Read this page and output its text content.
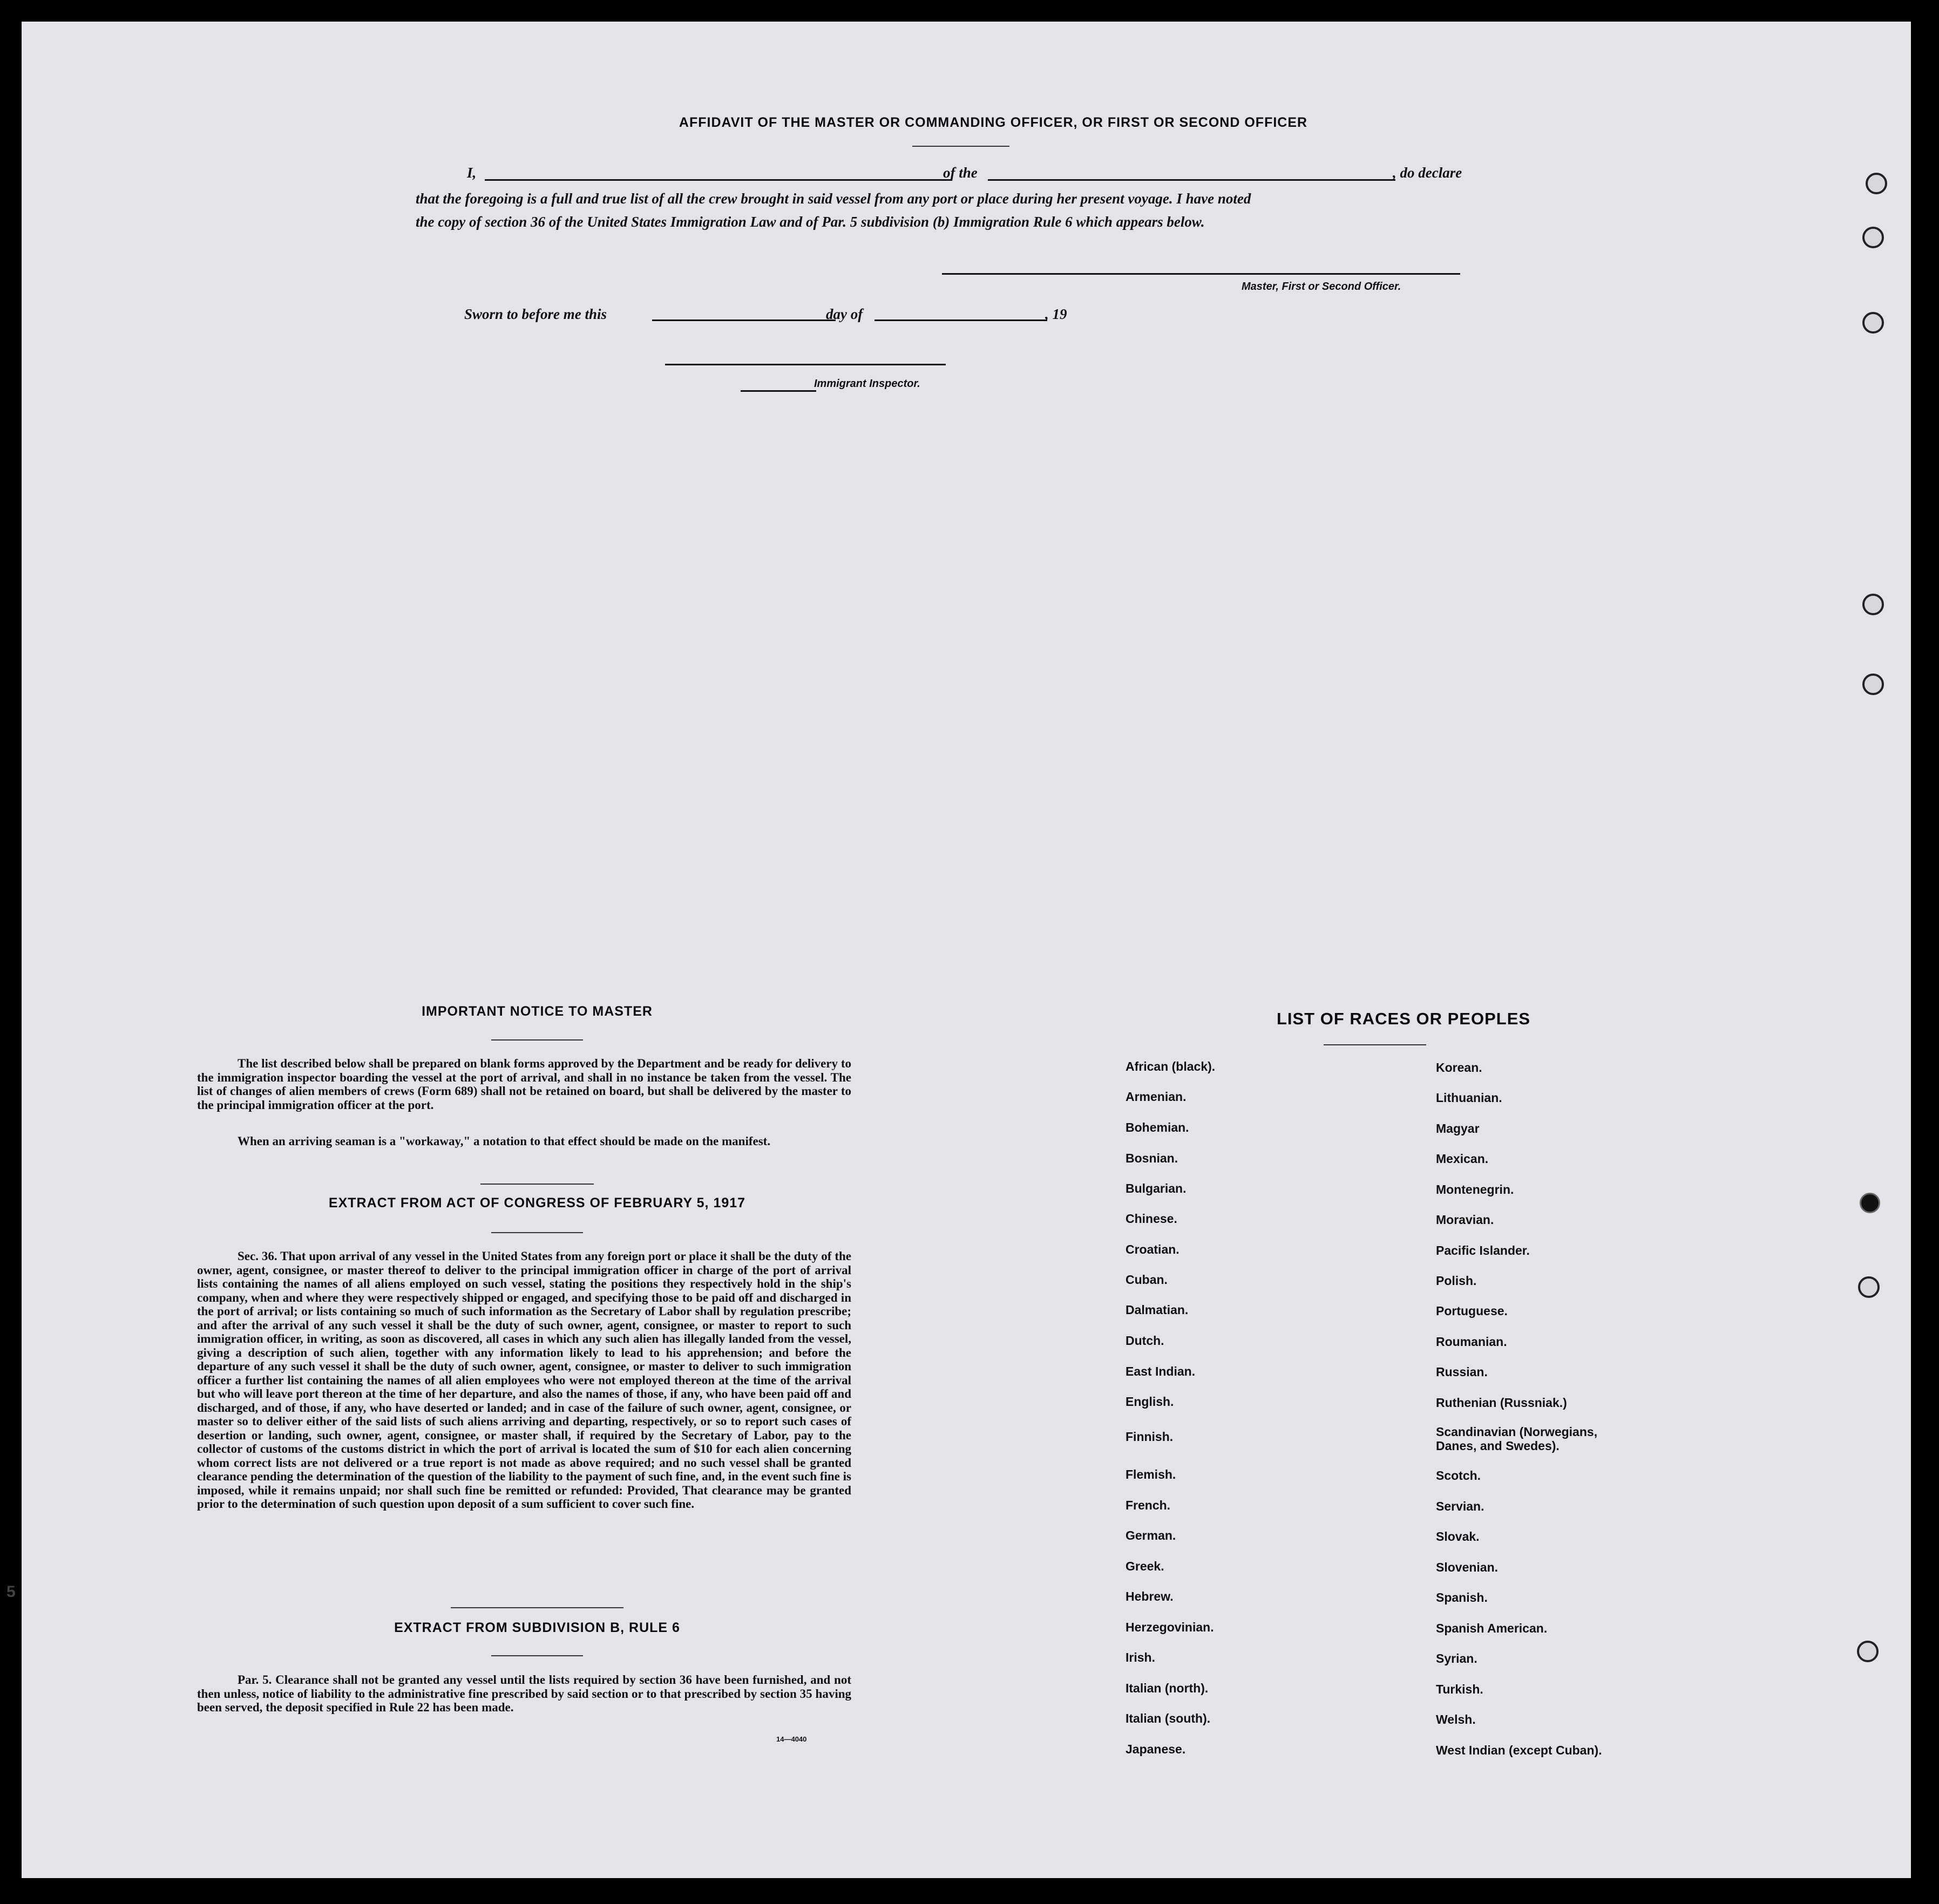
AFFIDAVIT OF THE MASTER OR COMMANDING OFFICER, OR FIRST OR SECOND OFFICER
I,	of the	, do declare
that the foregoing is a full and true list of all the crew brought in said vessel from any port or place during her present voyage. I have noted
the copy of section 36 of the United States Immigration Law and of Par. 5 subdivision (b) Immigration Rule 6 which appears below.
Master, First or Second Officer.
Sworn to before me this	day of	, 19
Immigrant Inspector.
IMPORTANT NOTICE TO MASTER
The list described below shall be prepared on blank forms approved by the Department and be ready for delivery to the immigration inspector boarding the vessel at the port of arrival, and shall in no instance be taken from the vessel. The list of changes of alien members of crews (Form 689) shall not be retained on board, but shall be delivered by the master to the principal immigration officer at the port.
When an arriving seaman is a "workaway," a notation to that effect should be made on the manifest.
EXTRACT FROM ACT OF CONGRESS OF FEBRUARY 5, 1917
Sec. 36. That upon arrival of any vessel in the United States from any foreign port or place it shall be the duty of the owner, agent, consignee, or master thereof to deliver to the principal immigration officer in charge of the port of arrival lists containing the names of all aliens employed on such vessel, stating the positions they respectively hold in the ship's company, when and where they were respectively shipped or engaged, and specifying those to be paid off and discharged in the port of arrival; or lists containing so much of such information as the Secretary of Labor shall by regulation prescribe; and after the arrival of any such vessel it shall be the duty of such owner, agent, consignee, or master to report to such immigration officer, in writing, as soon as discovered, all cases in which any such alien has illegally landed from the vessel, giving a description of such alien, together with any information likely to lead to his apprehension; and before the departure of any such vessel it shall be the duty of such owner, agent, consignee, or master to deliver to such immigration officer a further list containing the names of all alien employees who were not employed thereon at the time of the arrival but who will leave port thereon at the time of her departure, and also the names of those, if any, who have been paid off and discharged, and of those, if any, who have deserted or landed; and in case of the failure of such owner, agent, consignee, or master so to deliver either of the said lists of such aliens arriving and departing, respectively, or so to report such cases of desertion or landing, such owner, agent, consignee, or master shall, if required by the Secretary of Labor, pay to the collector of customs of the customs district in which the port of arrival is located the sum of $10 for each alien concerning whom correct lists are not delivered or a true report is not made as above required; and no such vessel shall be granted clearance pending the determination of the question of the liability to the payment of such fine, and, in the event such fine is imposed, while it remains unpaid; nor shall such fine be remitted or refunded: Provided, That clearance may be granted prior to the determination of such question upon deposit of a sum sufficient to cover such fine.
EXTRACT FROM SUBDIVISION B, RULE 6
Par. 5. Clearance shall not be granted any vessel until the lists required by section 36 have been furnished, and not then unless, notice of liability to the administrative fine prescribed by said section or to that prescribed by section 35 having been served, the deposit specified in Rule 22 has been made.
14—4040
LIST OF RACES OR PEOPLES
African (black).
Armenian.
Bohemian.
Bosnian.
Bulgarian.
Chinese.
Croatian.
Cuban.
Dalmatian.
Dutch.
East Indian.
English.
Finnish.
Flemish.
French.
German.
Greek.
Hebrew.
Herzegovinian.
Irish.
Italian (north).
Italian (south).
Japanese.
Korean.
Lithuanian.
Magyar
Mexican.
Montenegrin.
Moravian.
Pacific Islander.
Polish.
Portuguese.
Roumanian.
Russian.
Ruthenian (Russniak.)
Scandinavian (Norwegians, Danes, and Swedes).
Scotch.
Servian.
Slovak.
Slovenian.
Spanish.
Spanish American.
Syrian.
Turkish.
Welsh.
West Indian (except Cuban).
5
